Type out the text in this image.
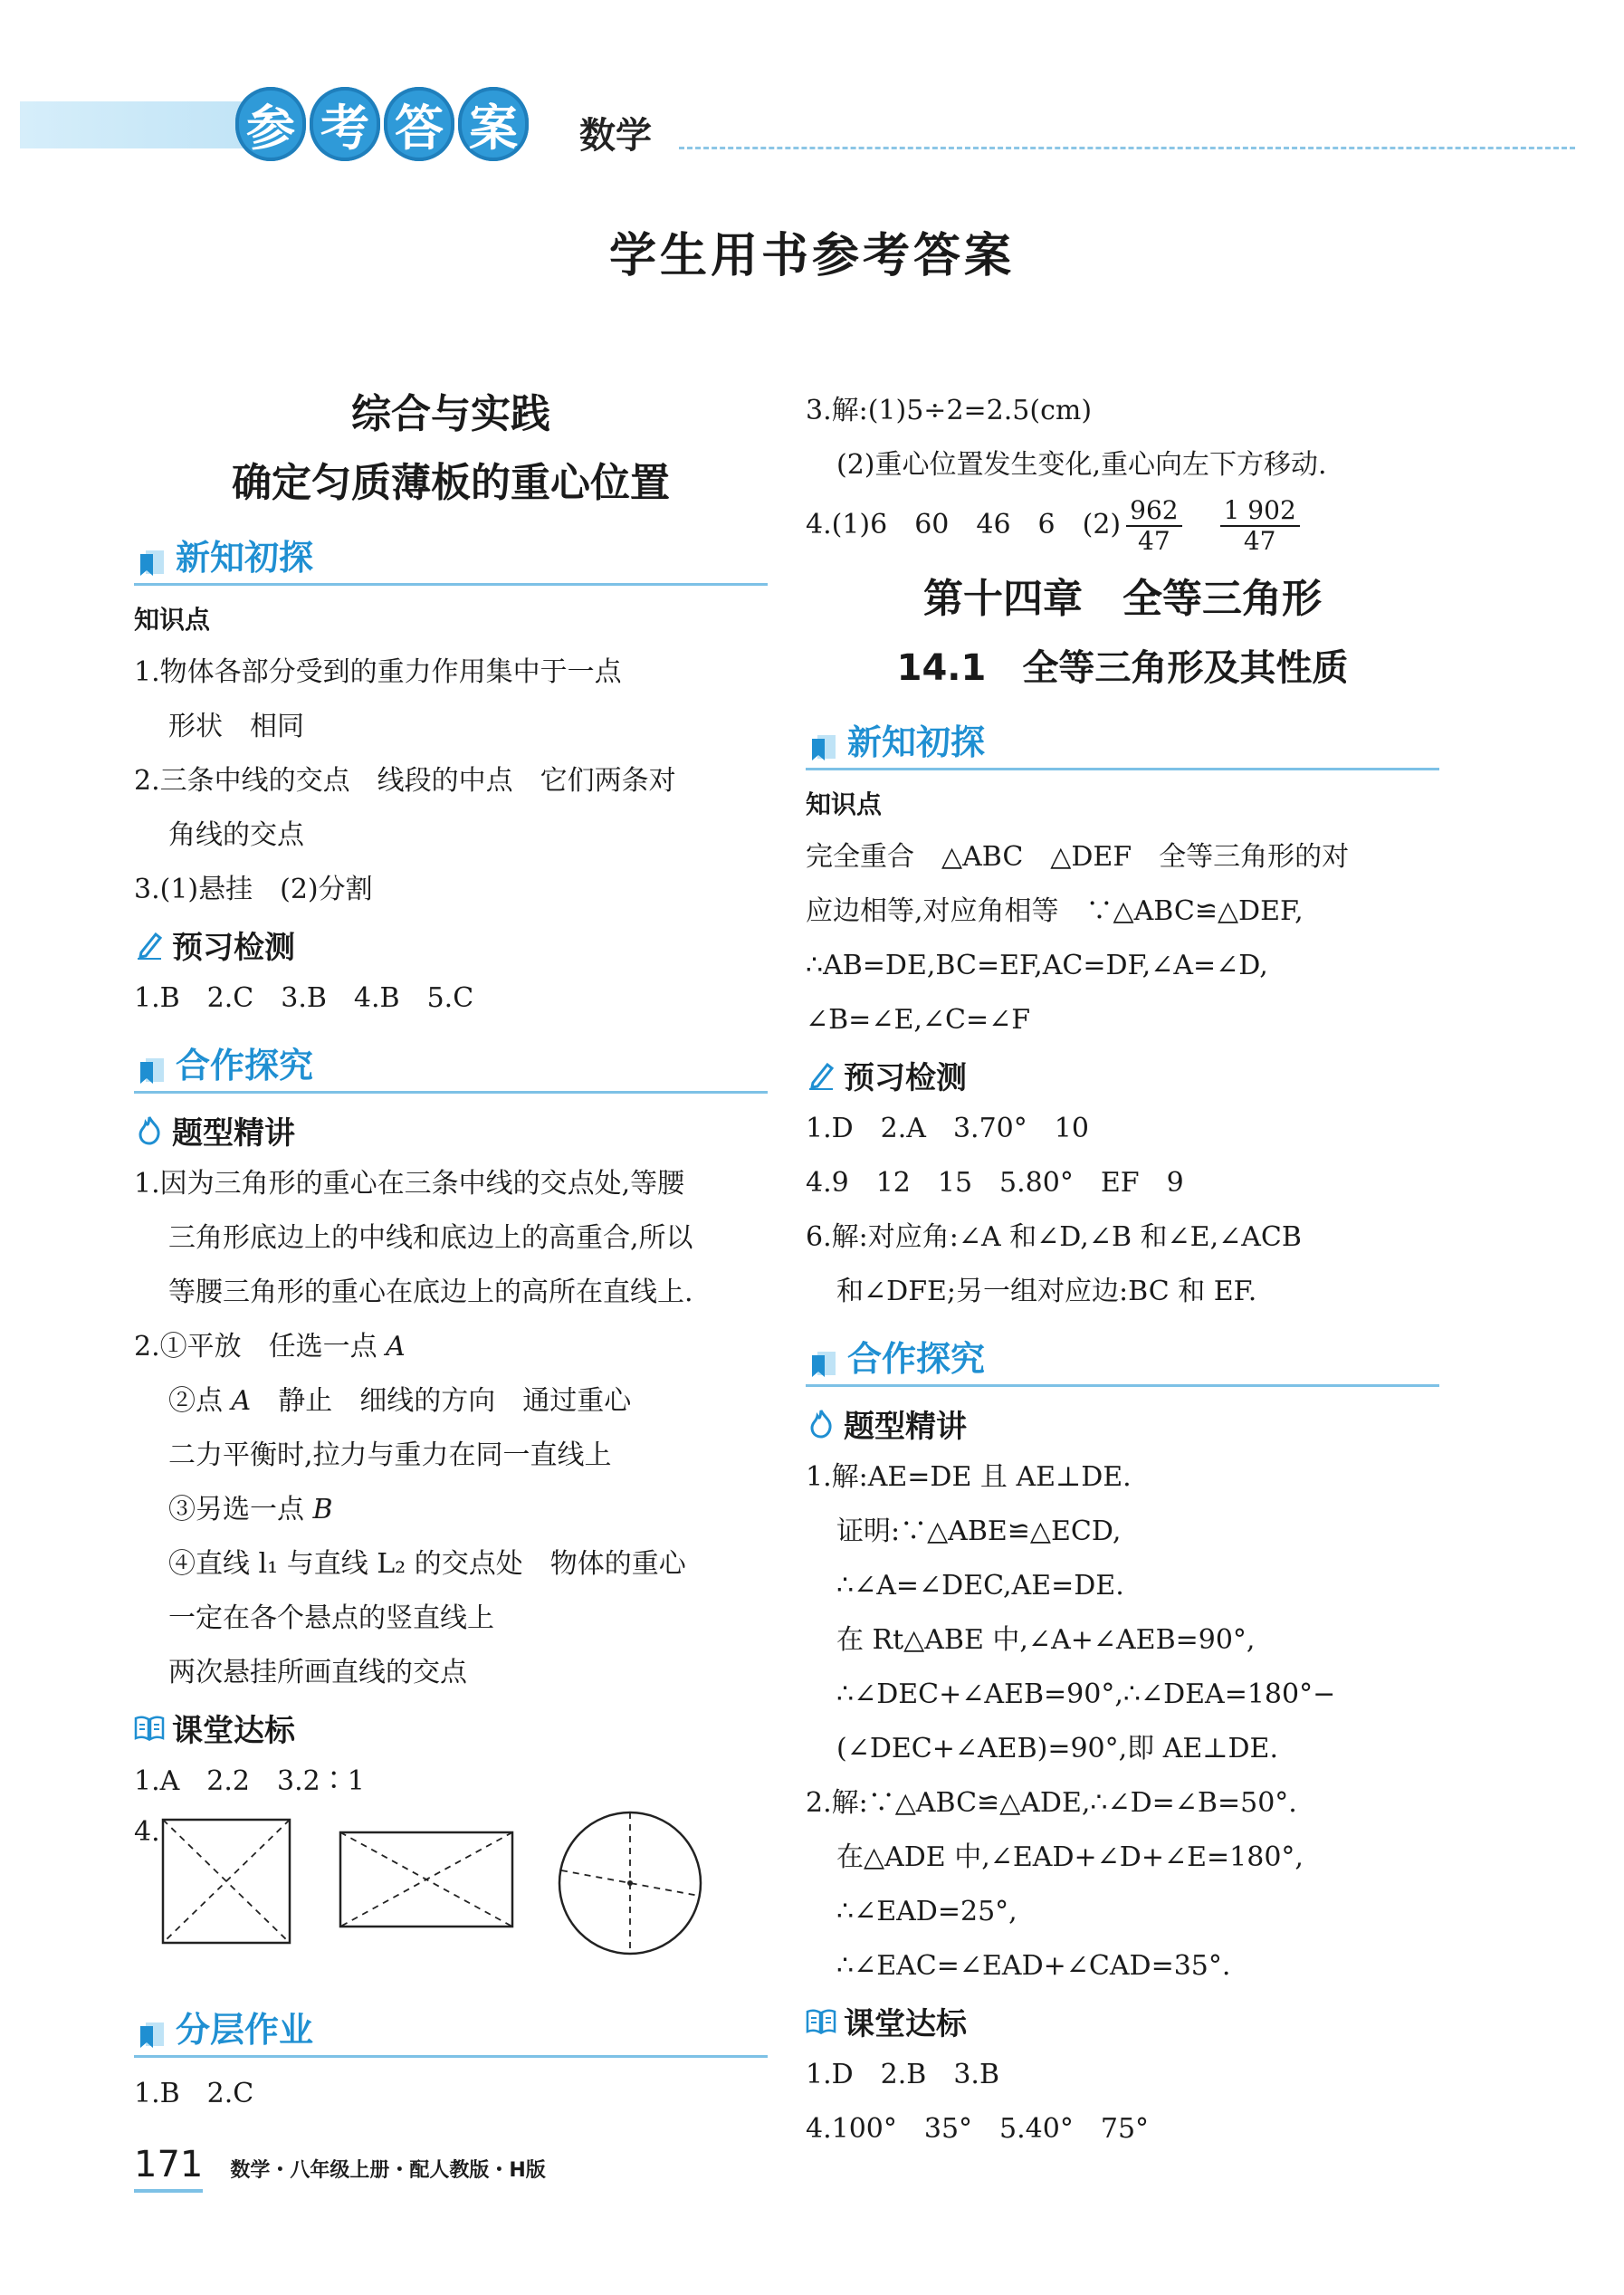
参 考 答 案	数学
学生用书参考答案
综合与实践
确定匀质薄板的重心位置
新知初探
知识点
1.物体各部分受到的重力作用集中于一点
形状　相同
2.三条中线的交点　线段的中点　它们两条对
角线的交点
3.(1)悬挂　(2)分割
预习检测
1.B　2.C　3.B　4.B　5.C
合作探究
题型精讲
1.因为三角形的重心在三条中线的交点处,等腰
三角形底边上的中线和底边上的高重合,所以
等腰三角形的重心在底边上的高所在直线上.
2.①平放　任选一点 A
②点 A　静止　细线的方向　通过重心
二力平衡时,拉力与重力在同一直线上
③另选一点 B
④直线 l₁ 与直线 L₂ 的交点处　物体的重心
一定在各个悬点的竖直线上
两次悬挂所画直线的交点
课堂达标
1.A　2.2　3.2∶1
4.
分层作业
1.B　2.C
3.解:(1)5÷2=2.5(cm)
(2)重心位置发生变化,重心向左下方移动.
4.(1)6　60　46　6　$(2) \frac{962}{47} \frac{1 902}{47}$
第十四章　全等三角形
14.1　全等三角形及其性质
新知初探
知识点
完全重合　△ABC　△DEF　全等三角形的对
应边相等,对应角相等　∵△ABC≌△DEF,
∴AB=DE,BC=EF,AC=DF,∠A=∠D,
∠B=∠E,∠C=∠F
预习检测
1.D　2.A　3.70°　10
4.9　12　15　5.80°　EF　9
6.解:对应角:∠A 和∠D,∠B 和∠E,∠ACB
和∠DFE;另一组对应边:BC 和 EF.
合作探究
题型精讲
1.解:AE=DE 且 AE⊥DE.
证明:∵△ABE≌△ECD,
∴∠A=∠DEC,AE=DE.
在 Rt△ABE 中,∠A+∠AEB=90°,
∴∠DEC+∠AEB=90°,∴∠DEA=180°−
(∠DEC+∠AEB)=90°,即 AE⊥DE.
2.解:∵△ABC≌△ADE,∴∠D=∠B=50°.
在△ADE 中,∠EAD+∠D+∠E=180°,
∴∠EAD=25°,
∴∠EAC=∠EAD+∠CAD=35°.
课堂达标
1.D　2.B　3.B
4.100°　35°　5.40°　75°
171 数学・八年级上册・配人教版・H版
